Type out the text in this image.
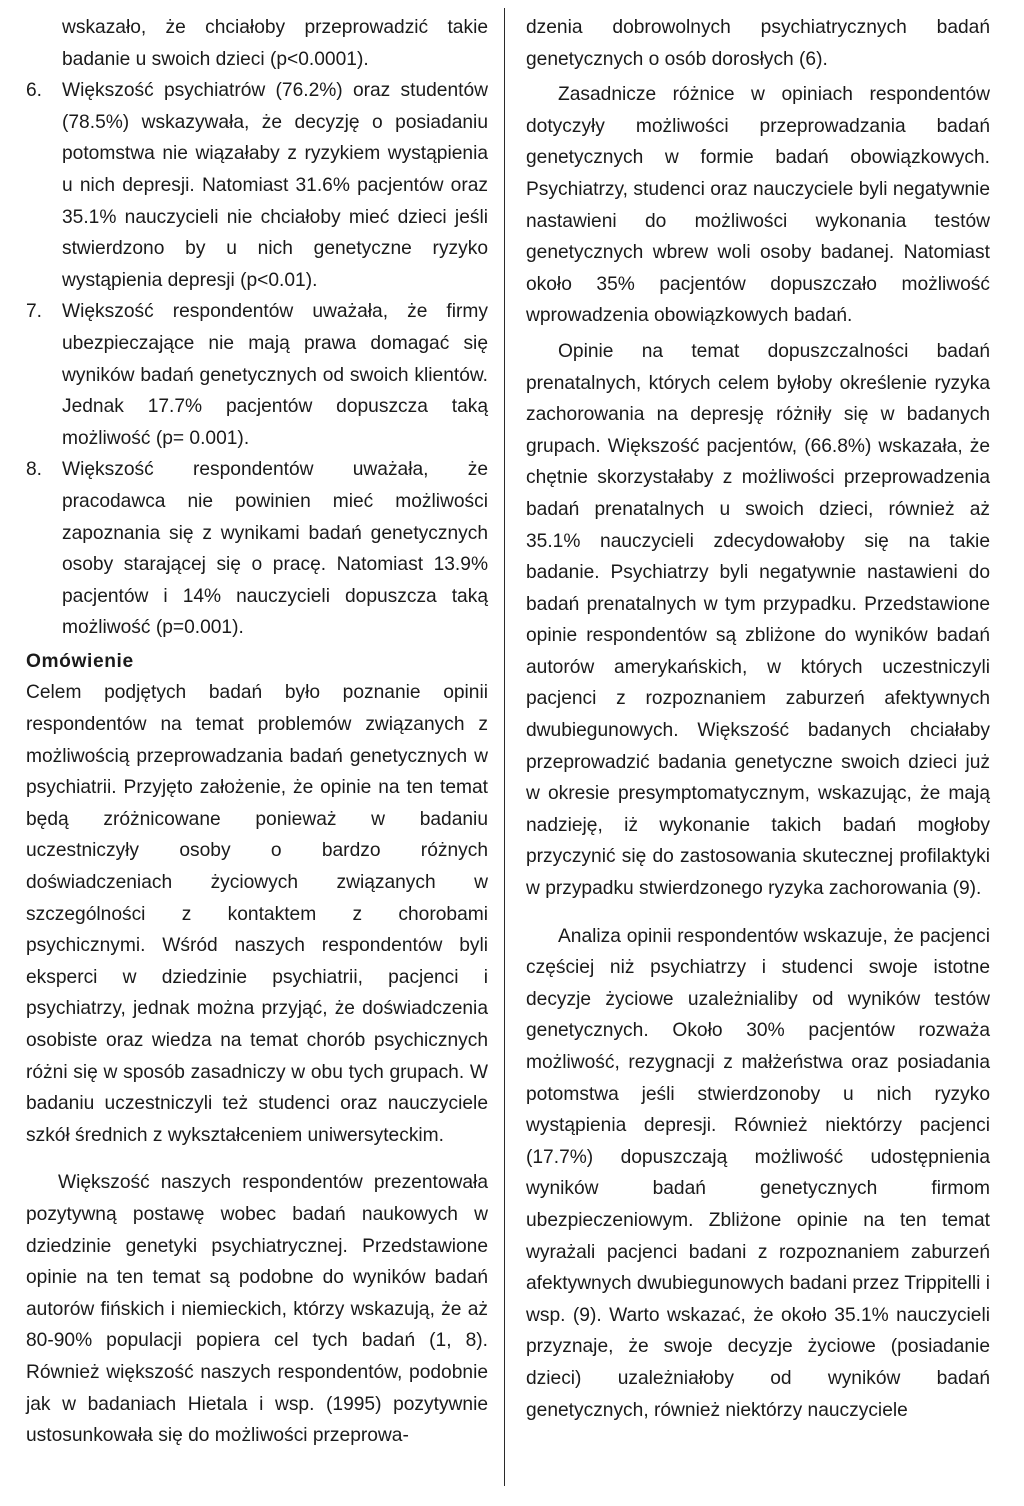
wskazało, że chciałoby przeprowadzić takie badanie u swoich dzieci (p<0.0001).
6.	Większość psychiatrów (76.2%) oraz studentów (78.5%) wskazywała, że decyzję o posiadaniu potomstwa nie wiązałaby z ryzykiem wystąpienia u nich depresji. Natomiast 31.6% pacjentów oraz 35.1% nauczycieli nie chciałoby mieć dzieci jeśli stwierdzono by u nich genetyczne ryzyko wystąpienia depresji (p<0.01).
7.	Większość respondentów uważała, że firmy ubezpieczające nie mają prawa domagać się wyników badań genetycznych od swoich klientów. Jednak 17.7% pacjentów dopuszcza taką możliwość (p= 0.001).
8.	Większość respondentów uważała, że pracodawca nie powinien mieć możliwości zapoznania się z wynikami badań genetycznych osoby starającej się o pracę. Natomiast 13.9% pacjentów i 14% nauczycieli dopuszcza taką możliwość (p=0.001).
Omówienie

Celem podjętych badań było poznanie opinii respondentów na temat problemów związanych z możliwością przeprowadzania badań genetycznych w psychiatrii. Przyjęto założenie, że opinie na ten temat będą zróżnicowane ponieważ w badaniu uczestniczyły osoby o bardzo różnych doświadczeniach życiowych związanych w szczególności z kontaktem z chorobami psychicznymi. Wśród naszych respondentów byli eksperci w dziedzinie psychiatrii, pacjenci i psychiatrzy, jednak można przyjąć, że doświadczenia osobiste oraz wiedza na temat chorób psychicznych różni się w sposób zasadniczy w obu tych grupach. W badaniu uczestniczyli też studenci oraz nauczyciele szkół średnich z wykształceniem uniwersyteckim.

Większość naszych respondentów prezentowała pozytywną postawę wobec badań naukowych w dziedzinie genetyki psychiatrycznej. Przedstawione opinie na ten temat są podobne do wyników badań autorów fińskich i niemieckich, którzy wskazują, że aż 80-90% populacji popiera cel tych badań (1, 8). Również większość naszych respondentów, podobnie jak w badaniach Hietala i wsp. (1995) pozytywnie ustosunkowała się do możliwości przeprowa-

dzenia dobrowolnych psychiatrycznych badań genetycznych o osób dorosłych (6).

Zasadnicze różnice w opiniach respondentów dotyczyły możliwości przeprowadzania badań genetycznych w formie badań obowiązkowych. Psychiatrzy, studenci oraz nauczyciele byli negatywnie nastawieni do możliwości wykonania testów genetycznych wbrew woli osoby badanej. Natomiast około 35% pacjentów dopuszczało możliwość wprowadzenia obowiązkowych badań.

Opinie na temat dopuszczalności badań prenatalnych, których celem byłoby określenie ryzyka zachorowania na depresję różniły się w badanych grupach. Większość pacjentów, (66.8%) wskazała, że chętnie skorzystałaby z możliwości przeprowadzenia badań prenatalnych u swoich dzieci, również aż 35.1% nauczycieli zdecydowałoby się na takie badanie. Psychiatrzy byli negatywnie nastawieni do badań prenatalnych w tym przypadku. Przedstawione opinie respondentów są zbliżone do wyników badań autorów amerykańskich, w których uczestniczyli pacjenci z rozpoznaniem zaburzeń afektywnych dwubiegunowych. Większość badanych chciałaby przeprowadzić badania genetyczne swoich dzieci już w okresie presymptomatycznym, wskazując, że mają nadzieję, iż wykonanie takich badań mogłoby przyczynić się do zastosowania skutecznej profilaktyki w przypadku stwierdzonego ryzyka zachorowania (9).

Analiza opinii respondentów wskazuje, że pacjenci częściej niż psychiatrzy i studenci swoje istotne decyzje życiowe uzależnialiby od wyników testów genetycznych. Około 30% pacjentów rozważa możliwość, rezygnacji z małżeństwa oraz posiadania potomstwa jeśli stwierdzonoby u nich ryzyko wystąpienia depresji. Również niektórzy pacjenci (17.7%) dopuszczają możliwość udostępnienia wyników badań genetycznych firmom ubezpieczeniowym. Zbliżone opinie na ten temat wyrażali pacjenci badani z rozpoznaniem zaburzeń afektywnych dwubiegunowych badani przez Trippitelli i wsp. (9). Warto wskazać, że około 35.1% nauczycieli przyznaje, że swoje decyzje życiowe (posiadanie dzieci) uzależniałoby od wyników badań genetycznych, również niektórzy nauczyciele
